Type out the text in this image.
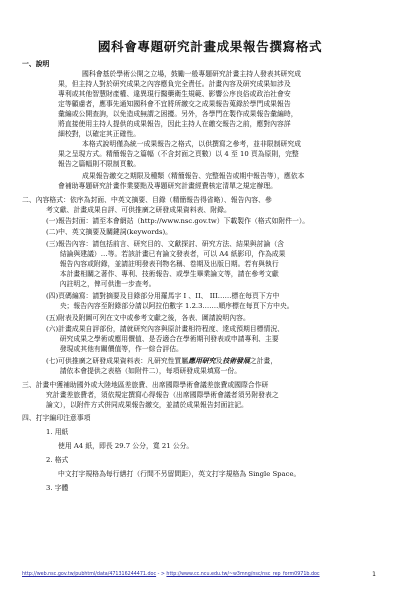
國科會專題研究計畫成果報告撰寫格式
一、說明
國科會基於學術公開之立場，鼓勵一般專題研究計畫主持人發表其研究成
果，但主持人對於研究成果之內容應負完全責任。計畫內容及研究成果如涉及
專利或其他智慧財產權、違異現行醫藥衛生規範、影響公序良俗或政治社會安
定等顧慮者，應事先通知國科會不宜將所繳交之成果報告蒐錄於學門成果報告
彙編或公開查詢，以免造成無謂之困擾。另外，各學門在製作成果報告彙編時，
將直接使用主持人提供的成果報告，因此主持人在繳交報告之前，應對內容詳
細校對，以確定其正確性。
本格式說明僅為統一成果報告之格式，以供撰寫之參考，並非限制研究成
果之呈現方式。精簡報告之篇幅（不含封面之頁數）以 4 至 10 頁為原則，完整
報告之篇幅則不限制頁數。
成果報告繳交之期限及種類（精簡報告、完整報告或期中報告等），應依本
會補助專題研究計畫作業要點及專題研究計畫經費核定清單之規定辦理。
二、內容格式：依序為封面、中英文摘要、目錄（精簡報告得省略）、報告內容、參
考文獻、計畫成果自評、可供推廣之研發成果資料表、附錄。
(一)報告封面：請至本會網站（http://www.nsc.gov.tw）下載製作（格式如附件一）。
(二)中、英文摘要及關鍵詞(keywords)。
(三)報告內容：請包括前言、研究目的、文獻探討、研究方法、結果與討論（含
　　結論與建議）…等。若該計畫已有論文發表者，可以 A4 紙影印，作為成果
　　報告內容或附錄，並請註明發表刊物名稱、卷期及出版日期。若有與執行
　　本計畫相關之著作、專利、技術報告、或學生畢業論文等，請在參考文獻
　　內註明之，俾可供進一步查考。
(四)頁碼編寫：請對摘要及目錄部分用羅馬字 I 、II、 III……標在每頁下方中
　　央；報告內容至附錄部分請以阿拉伯數字 1.2.3.……順序標在每頁下方中央。
(五)附表及附圖可列在文中或參考文獻之後，各表、圖請說明內容。
(六)計畫成果自評部份，請就研究內容與原計畫相符程度、達成預期目標情況、
　　研究成果之學術或應用價值、是否適合在學術期刊發表或申請專利、主要
　　發現或其他有關價值等，作一綜合評估。
(七)可供推廣之研發成果資料表：凡研究性質屬應用研究及技術發展之計畫，
　　請依本會提供之表格（如附件二），每項研發成果填寫一份。
三、計畫中獲補助國外或大陸地區差旅費、出席國際學術會議差旅費或國際合作研
究計畫差旅費者，須依規定撰寫心得報告（出席國際學術會議者須另附發表之
論文），以附件方式併同成果報告繳交，並請於成果報告封面註記。
四、打字編印注意事項
1. 用紙
使用 A4 紙，即長 29.7 公分，寬 21 公分。
2. 格式
中文打字規格為每行繕打（行間不另留間距），英文打字規格為 Single Space。
3. 字體
http://web.nsc.gov.tw/pubhtml/data/471316244471.doc - > http://www.cc.ncu.edu.tw/~w3mng/nsc/nsc_rep_form0971b.doc	1
